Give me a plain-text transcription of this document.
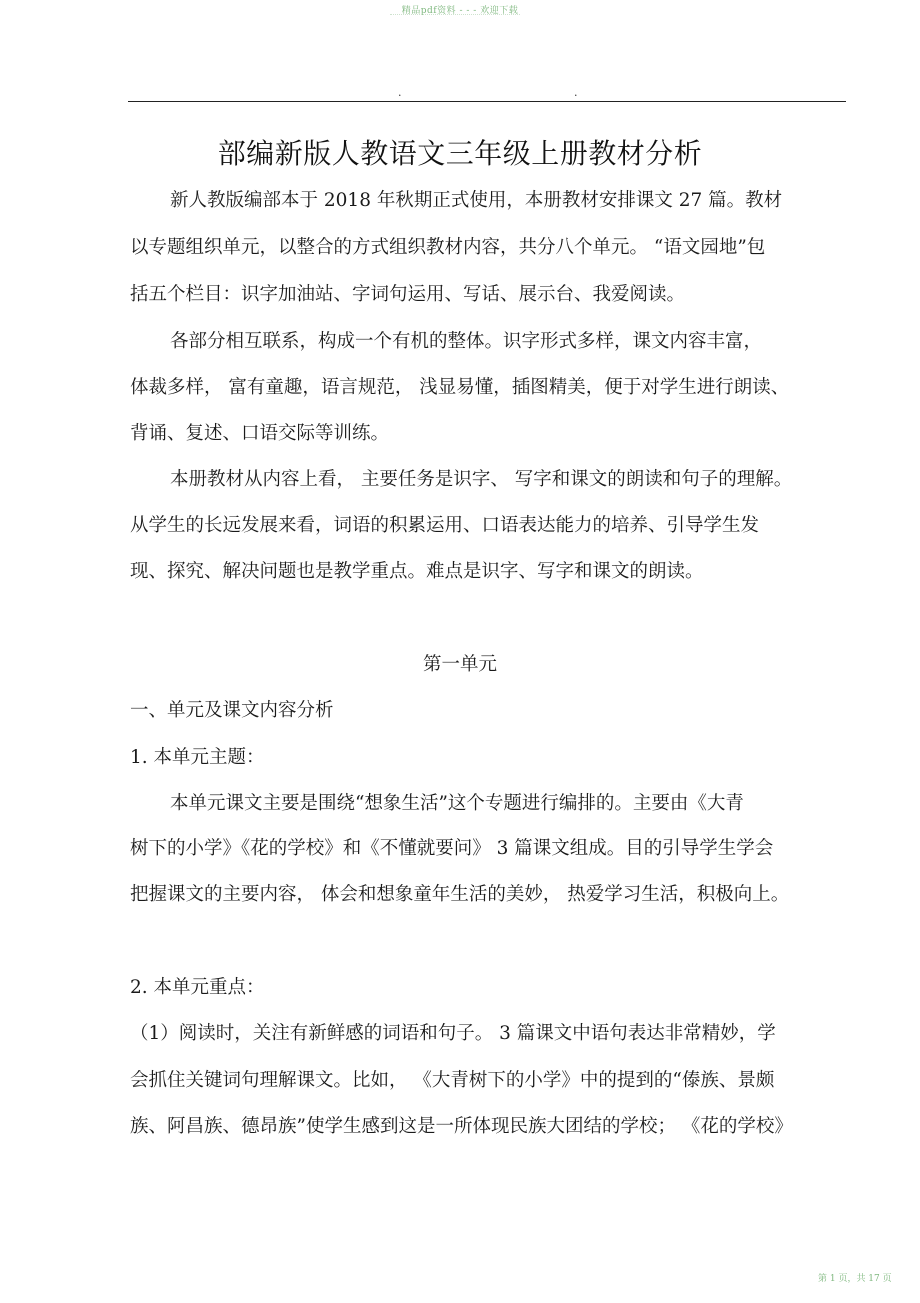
精品pdf资料 - - - 欢迎下载
.	.
部编新版人教语文三年级上册教材分析
新人教版编部本于 2018 年秋期正式使用，本册教材安排课文 27 篇。教材
以专题组织单元，以整合的方式组织教材内容，共分八个单元。 “语文园地”包
括五个栏目：识字加油站、字词句运用、写话、展示台、我爱阅读。
各部分相互联系，构成一个有机的整体。识字形式多样，课文内容丰富，
体裁多样， 富有童趣，语言规范， 浅显易懂，插图精美，便于对学生进行朗读、
背诵、复述、口语交际等训练。
本册教材从内容上看， 主要任务是识字、 写字和课文的朗读和句子的理解。
从学生的长远发展来看，词语的积累运用、口语表达能力的培养、引导学生发
现、探究、解决问题也是教学重点。难点是识字、写字和课文的朗读。
第一单元
一、单元及课文内容分析
1. 本单元主题：
本单元课文主要是围绕“想象生活”这个专题进行编排的。主要由《大青
树下的小学》《花的学校》和《不懂就要问》 3 篇课文组成。目的引导学生学会
把握课文的主要内容， 体会和想象童年生活的美妙， 热爱学习生活，积极向上。
2. 本单元重点：
（1）阅读时，关注有新鲜感的词语和句子。 3 篇课文中语句表达非常精妙，学
会抓住关键词句理解课文。比如， 《大青树下的小学》中的提到的“傣族、景颇
族、阿昌族、德昂族”使学生感到这是一所体现民族大团结的学校； 《花的学校》
第 1 页，共 17 页
